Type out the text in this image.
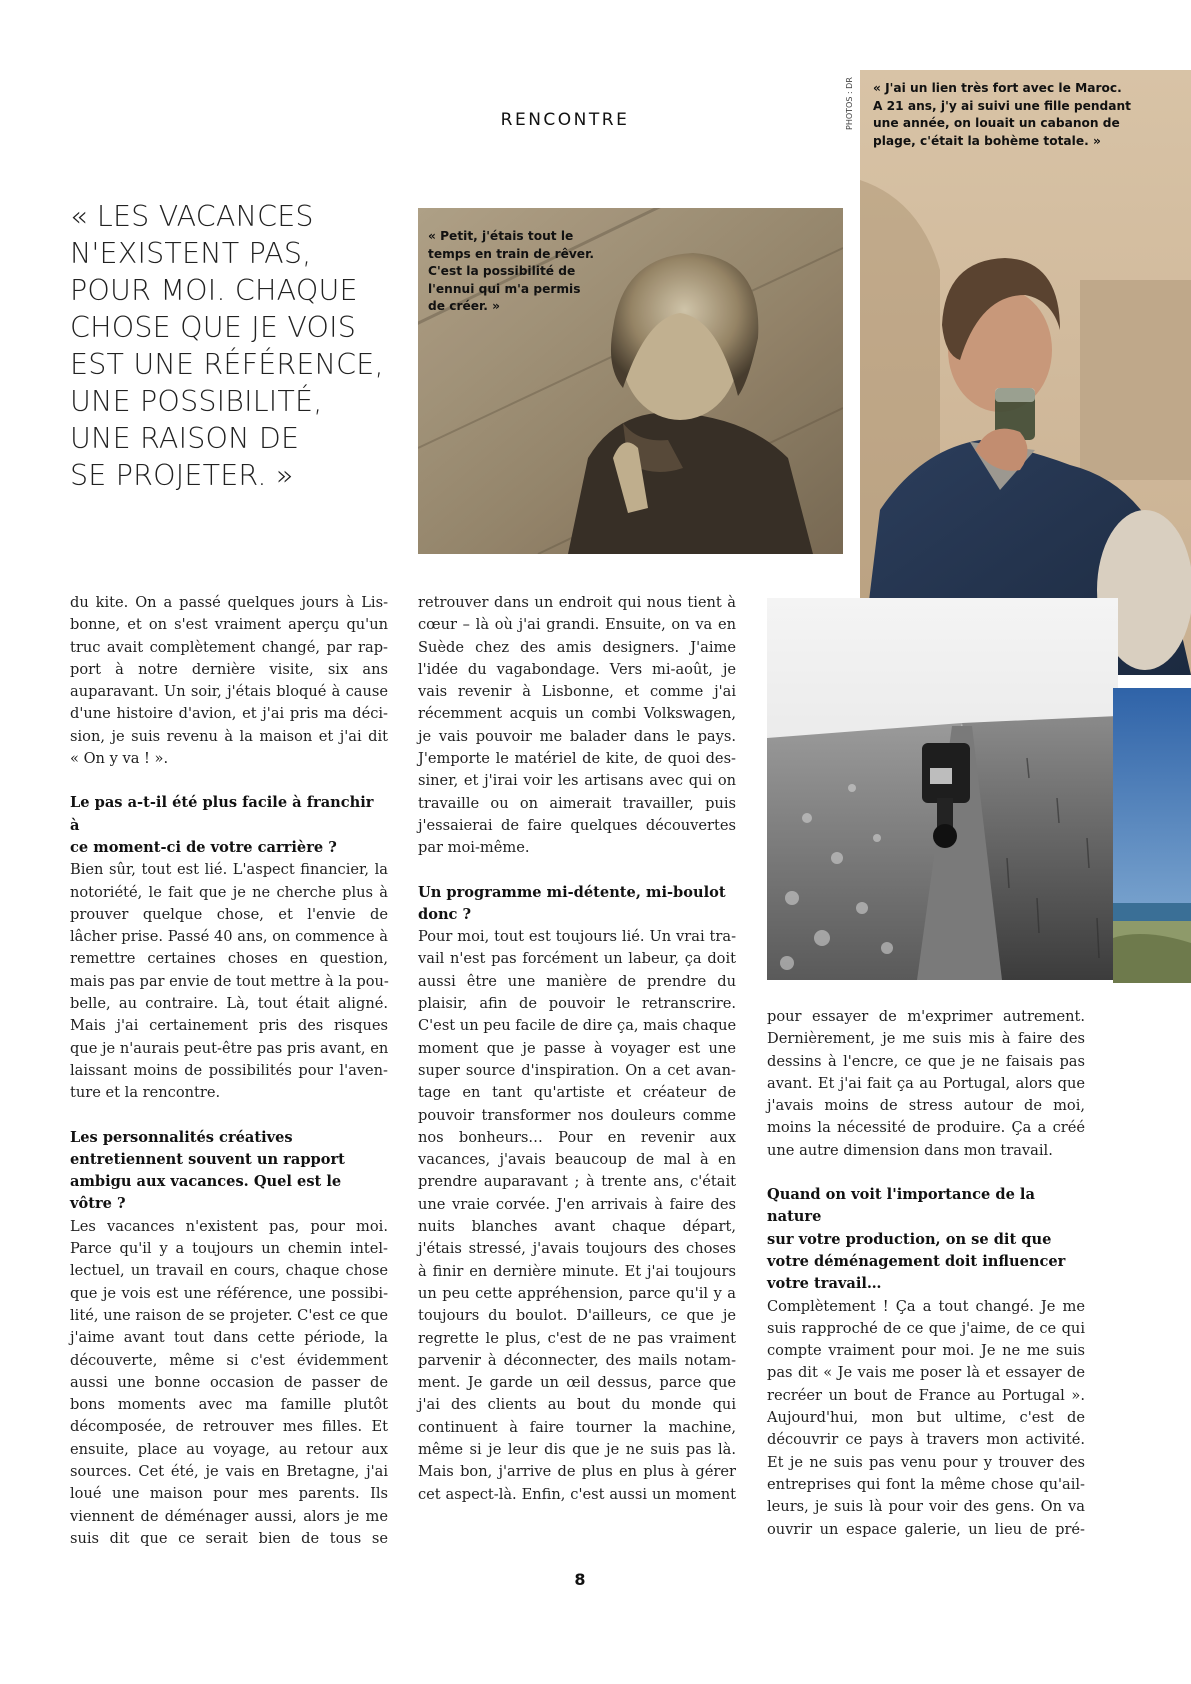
RENCONTRE
« LES VACANCES
N'EXISTENT PAS,
POUR MOI. CHAQUE
CHOSE QUE JE VOIS
EST UNE RÉFÉRENCE,
UNE POSSIBILITÉ,
UNE RAISON DE
SE PROJETER. »
« Petit, j'étais tout le
temps en train de rêver.
C'est la possibilité de
l'ennui qui m'a permis
de créer. »
« J'ai un lien très fort avec le Maroc.
A 21 ans, j'y ai suivi une fille pendant
une année, on louait un cabanon de
plage, c'était la bohème totale. »
PHOTOS : DR

du kite. On a passé quelques jours à Lis-
bonne, et on s'est vraiment aperçu qu'un
truc avait complètement changé, par rap-
port à notre dernière visite, six ans
auparavant. Un soir, j'étais bloqué à cause
d'une histoire d'avion, et j'ai pris ma déci-
sion, je suis revenu à la maison et j'ai dit
« On y va ! ».

Le pas a-t-il été plus facile à franchir à
ce moment-ci de votre carrière ?

Bien sûr, tout est lié. L'aspect financier, la
notoriété, le fait que je ne cherche plus à
prouver quelque chose, et l'envie de
lâcher prise. Passé 40 ans, on commence à
remettre certaines choses en question,
mais pas par envie de tout mettre à la pou-
belle, au contraire. Là, tout était aligné.
Mais j'ai certainement pris des risques
que je n'aurais peut-être pas pris avant, en
laissant moins de possibilités pour l'aven-
ture et la rencontre.

Les personnalités créatives
entretiennent souvent un rapport
ambigu aux vacances. Quel est le vôtre ?

Les vacances n'existent pas, pour moi.
Parce qu'il y a toujours un chemin intel-
lectuel, un travail en cours, chaque chose
que je vois est une référence, une possibi-
lité, une raison de se projeter. C'est ce que
j'aime avant tout dans cette période, la
découverte, même si c'est évidemment
aussi une bonne occasion de passer de
bons moments avec ma famille plutôt
décomposée, de retrouver mes filles. Et
ensuite, place au voyage, au retour aux
sources. Cet été, je vais en Bretagne, j'ai
loué une maison pour mes parents. Ils
viennent de déménager aussi, alors je me
suis dit que ce serait bien de tous se

retrouver dans un endroit qui nous tient à
cœur – là où j'ai grandi. Ensuite, on va en
Suède chez des amis designers. J'aime
l'idée du vagabondage. Vers mi-août, je
vais revenir à Lisbonne, et comme j'ai
récemment acquis un combi Volkswagen,
je vais pouvoir me balader dans le pays.
J'emporte le matériel de kite, de quoi des-
siner, et j'irai voir les artisans avec qui on
travaille ou on aimerait travailler, puis
j'essaierai de faire quelques découvertes
par moi-même.

Un programme mi-détente, mi-boulot
donc ?

Pour moi, tout est toujours lié. Un vrai tra-
vail n'est pas forcément un labeur, ça doit
aussi être une manière de prendre du
plaisir, afin de pouvoir le retranscrire.
C'est un peu facile de dire ça, mais chaque
moment que je passe à voyager est une
super source d'inspiration. On a cet avan-
tage en tant qu'artiste et créateur de
pouvoir transformer nos douleurs comme
nos bonheurs… Pour en revenir aux
vacances, j'avais beaucoup de mal à en
prendre auparavant ; à trente ans, c'était
une vraie corvée. J'en arrivais à faire des
nuits blanches avant chaque départ,
j'étais stressé, j'avais toujours des choses
à finir en dernière minute. Et j'ai toujours
un peu cette appréhension, parce qu'il y a
toujours du boulot. D'ailleurs, ce que je
regrette le plus, c'est de ne pas vraiment
parvenir à déconnecter, des mails notam-
ment. Je garde un œil dessus, parce que
j'ai des clients au bout du monde qui
continuent à faire tourner la machine,
même si je leur dis que je ne suis pas là.
Mais bon, j'arrive de plus en plus à gérer
cet aspect-là. Enfin, c'est aussi un moment

pour essayer de m'exprimer autrement.
Dernièrement, je me suis mis à faire des
dessins à l'encre, ce que je ne faisais pas
avant. Et j'ai fait ça au Portugal, alors que
j'avais moins de stress autour de moi,
moins la nécessité de produire. Ça a créé
une autre dimension dans mon travail.

Quand on voit l'importance de la nature
sur votre production, on se dit que
votre déménagement doit influencer
votre travail…

Complètement ! Ça a tout changé. Je me
suis rapproché de ce que j'aime, de ce qui
compte vraiment pour moi. Je ne me suis
pas dit « Je vais me poser là et essayer de
recréer un bout de France au Portugal ».
Aujourd'hui, mon but ultime, c'est de
découvrir ce pays à travers mon activité.
Et je ne suis pas venu pour y trouver des
entreprises qui font la même chose qu'ail-
leurs, je suis là pour voir des gens. On va
ouvrir un espace galerie, un lieu de pré-

8
